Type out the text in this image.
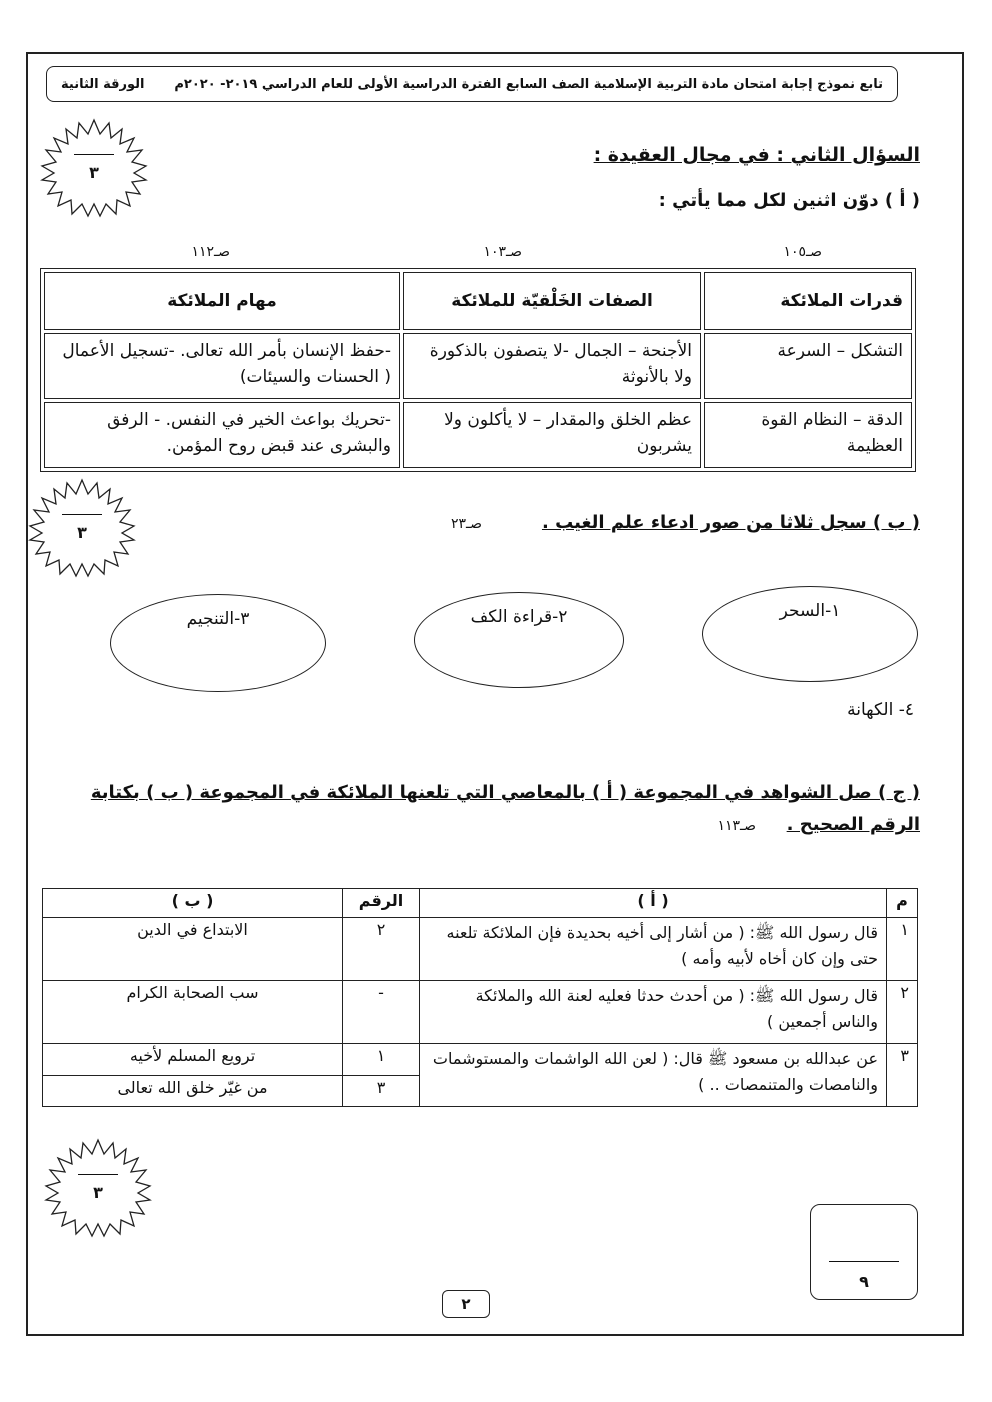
تابع نموذج إجابة امتحان مادة التربية الإسلامية الصف السابع الفترة الدراسية الأولى للعام الدراسي ٢٠١٩- ٢٠٢٠م
الورقة الثانية
٣
٣
٣
السؤال الثاني : في مجال العقيدة :
( أ ) دوّن اثنين لكل مما يأتي :
صـ١٠٥
صـ١٠٣
صـ١١٢
قدرات الملائكة	الصفات الخَلْقيّة للملائكة	مهام الملائكة
التشكل – السرعة	الأجنحة – الجمال -لا يتصفون بالذكورة ولا بالأنوثة	-حفظ الإنسان بأمر الله تعالى. -تسجيل الأعمال ( الحسنات والسيئات)
الدقة – النظام القوة العظيمة	عظم الخلق والمقدار – لا يأكلون ولا يشربون	-تحريك بواعث الخير في النفس. - الرفق والبشرى عند قبض روح المؤمن.
( ب ) سجل ثلاثا من صور ادعاء علم الغيب .
صـ٢٣
١-السحر
٢-قراءة الكف
٣-التنجيم
٤- الكهانة
( ج ) صل الشواهد في المجموعة ( أ ) بالمعاصي التي تلعنها الملائكة في المجموعة ( ب ) بكتابة
الرقم الصحيح .
صـ١١٣
م	( أ )	الرقم	( ب )
١	قال رسول الله ﷺ: ( من أشار إلى أخيه بحديدة فإن الملائكة تلعنه حتى وإن كان أخاه لأبيه وأمه )	٢	الابتداع في الدين
٢	قال رسول الله ﷺ: ( من أحدث حدثا فعليه لعنة الله والملائكة والناس أجمعين )	-	سب الصحابة الكرام
٣	عن عبدالله بن مسعود ﷺ قال: ( لعن الله الواشمات والمستوشمات والنامصات والمتنمصات .. )	١	ترويع المسلم لأخيه
		٣	من غيّر خلق الله تعالى
٩
٢
